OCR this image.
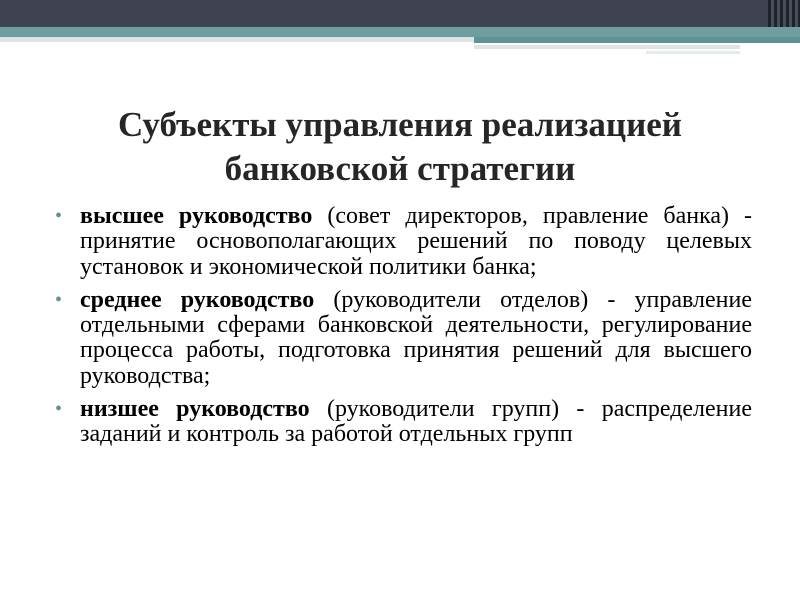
Субъекты управления реализацией
банковской стратегии
• высшее руководство (совет директоров, правление банка) - принятие основополагающих решений по поводу целевых установок и экономической политики банка;
• среднее руководство (руководители отделов) - управление отдельными сферами банковской деятельности, регулирование процесса работы, подготовка принятия решений для высшего руководства;
• низшее руководство (руководители групп) - распределение заданий и контроль за работой отдельных групп
